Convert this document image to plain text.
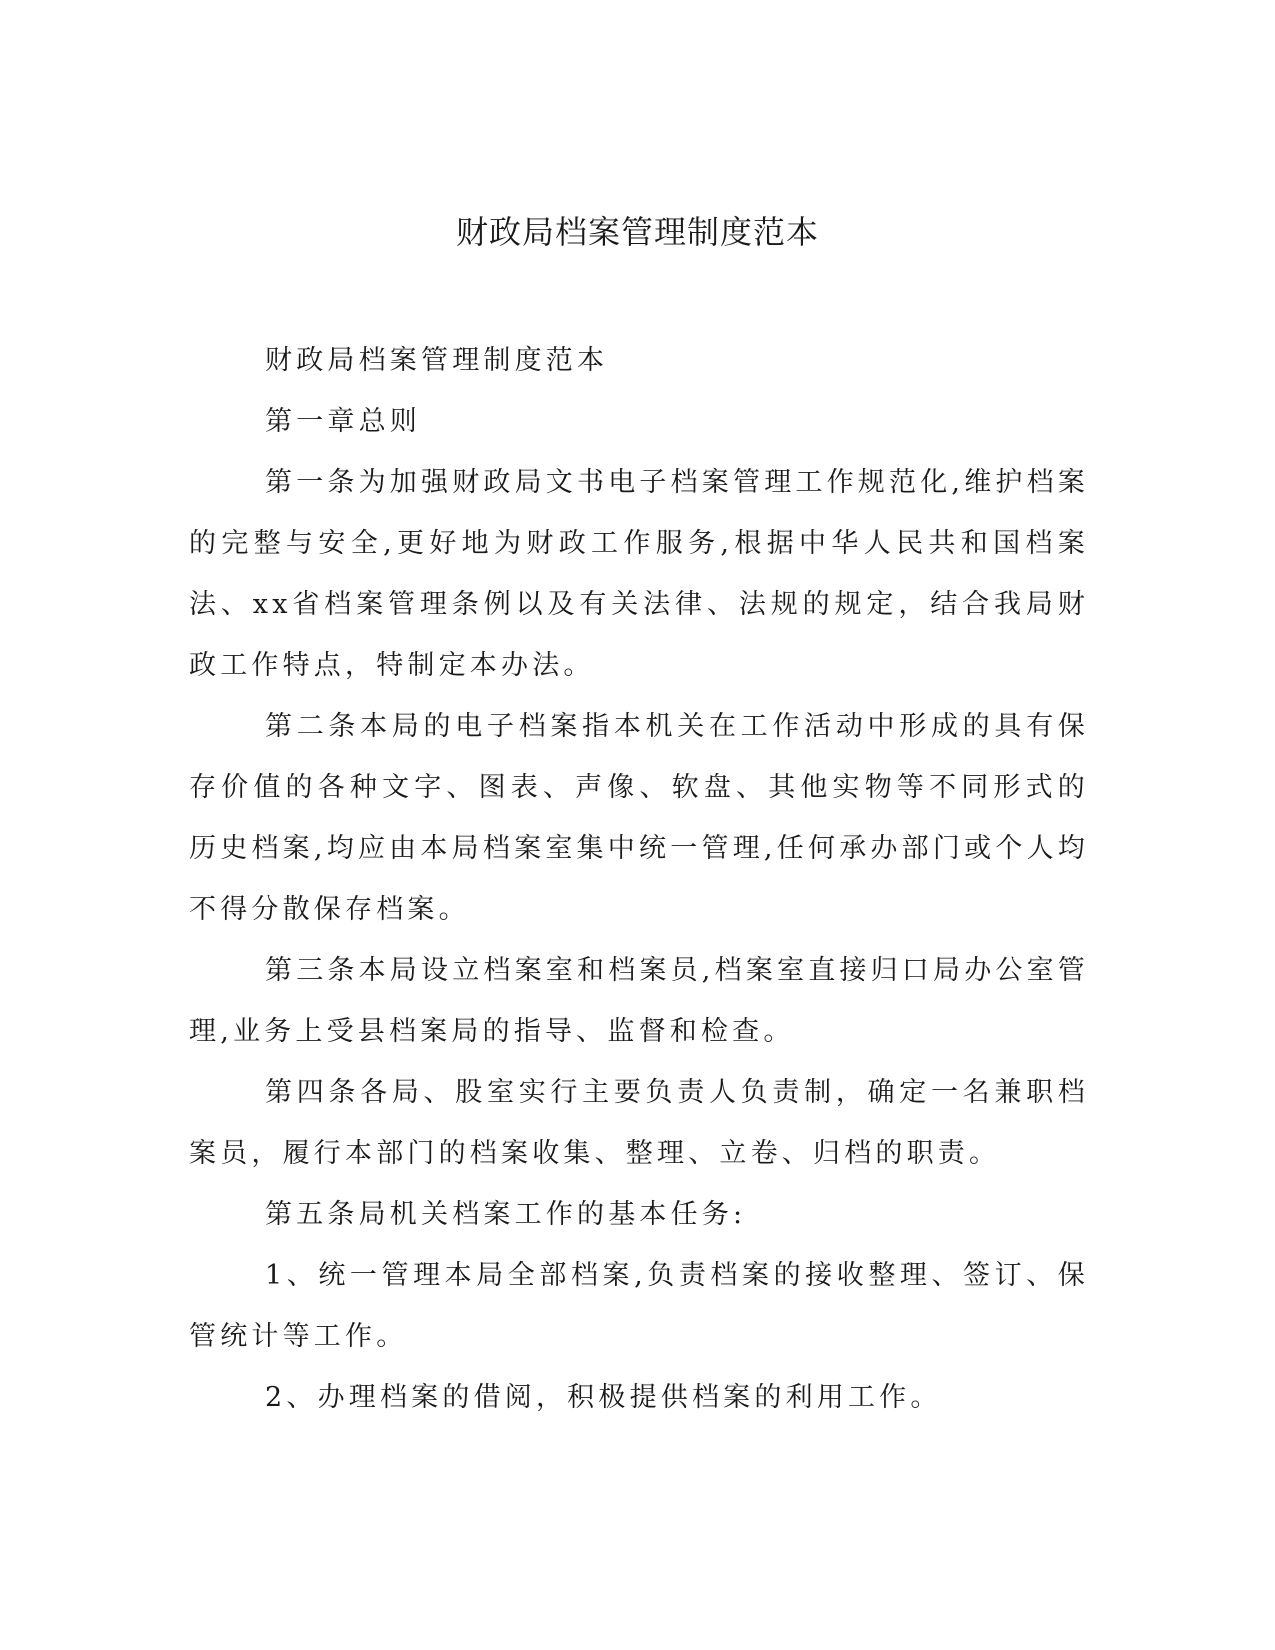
财政局档案管理制度范本

财政局档案管理制度范本

第一章总则

第一条为加强财政局文书电子档案管理工作规范化,维护档案的完整与安全,更好地为财政工作服务,根据中华人民共和国档案法、xx省档案管理条例以及有关法律、法规的规定，结合我局财政工作特点，特制定本办法。

第二条本局的电子档案指本机关在工作活动中形成的具有保存价值的各种文字、图表、声像、软盘、其他实物等不同形式的历史档案,均应由本局档案室集中统一管理,任何承办部门或个人均不得分散保存档案。

第三条本局设立档案室和档案员,档案室直接归口局办公室管理,业务上受县档案局的指导、监督和检查。

第四条各局、股室实行主要负责人负责制，确定一名兼职档案员，履行本部门的档案收集、整理、立卷、归档的职责。

第五条局机关档案工作的基本任务:

1、统一管理本局全部档案,负责档案的接收整理、签订、保管统计等工作。

2、办理档案的借阅，积极提供档案的利用工作。
